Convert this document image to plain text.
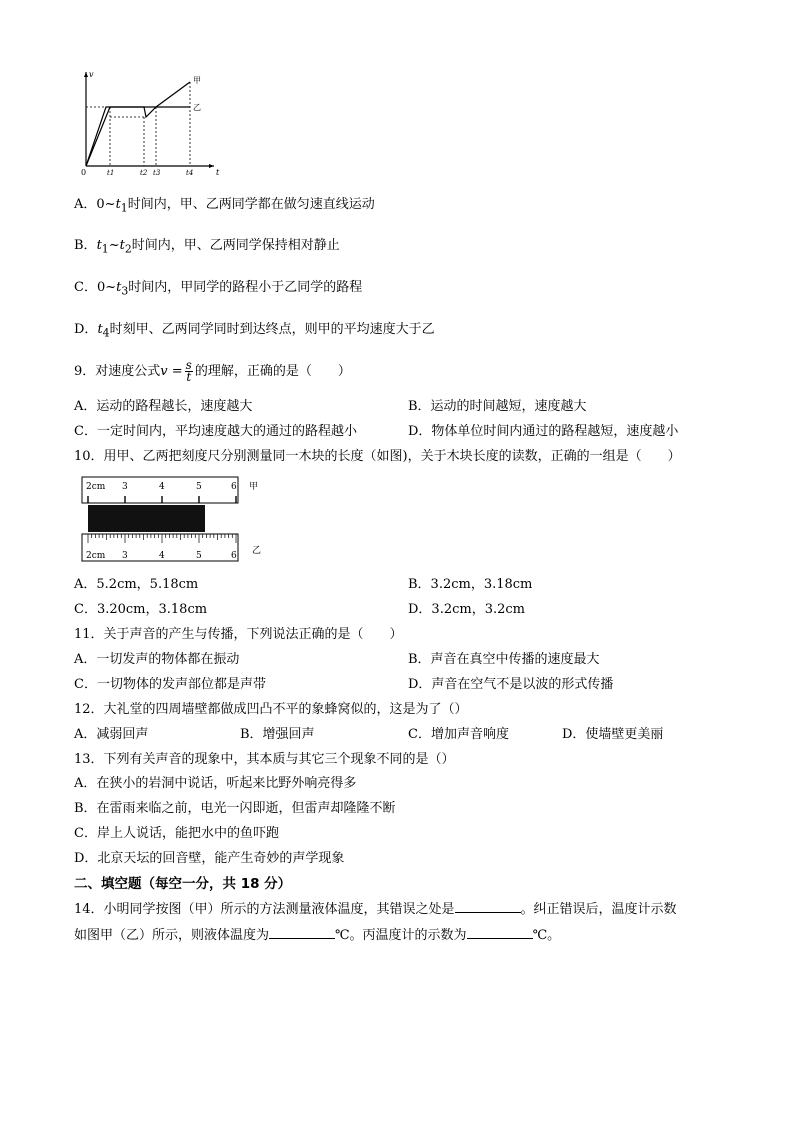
v
t
0
甲
乙
t1	t2 t3	t4
A．$0\sim t_1$时间内，甲、乙两同学都在做匀速直线运动
B．$t_1\sim t_2$时间内，甲、乙两同学保持相对静止
C．$0\sim t_3$时间内，甲同学的路程小于乙同学的路程
D．$t_4$时刻甲、乙两同学同时到达终点，则甲的平均速度大于乙
9．对速度公式$v = \frac{s}{t}$ 的理解，正确的是（　　）
A．运动的路程越长，速度越大	B．运动的时间越短，速度越大
C．一定时间内，平均速度越大的通过的路程越小	D．物体单位时间内通过的路程越短，速度越小
10．用甲、乙两把刻度尺分别测量同一木块的长度（如图)，关于木块长度的读数，正确的一组是（　　）
2cm 3	4	5	6 甲
2cm 3	4	5	6 乙
A．5.2cm，5.18cm	B．3.2cm，3.18cm
C．3.20cm，3.18cm	D．3.2cm，3.2cm
11．关于声音的产生与传播，下列说法正确的是（　　）
A．一切发声的物体都在振动	B．声音在真空中传播的速度最大
C．一切物体的发声部位都是声带	D．声音在空气不是以波的形式传播
12．大礼堂的四周墙壁都做成凹凸不平的象蜂窝似的，这是为了（）
A．减弱回声	B．增强回声	C．增加声音响度	D．使墙壁更美丽
13．下列有关声音的现象中，其本质与其它三个现象不同的是（）
A．在狭小的岩洞中说话，听起来比野外响亮得多
B．在雷雨来临之前，电光一闪即逝，但雷声却隆隆不断
C．岸上人说话，能把水中的鱼吓跑
D．北京天坛的回音壁，能产生奇妙的声学现象
二、填空题（每空一分，共 18 分）
14．小明同学按图（甲）所示的方法测量液体温度，其错误之处是	。纠正错误后，温度计示数
如图甲（乙）所示，则液体温度为	℃。丙温度计的示数为	℃。
